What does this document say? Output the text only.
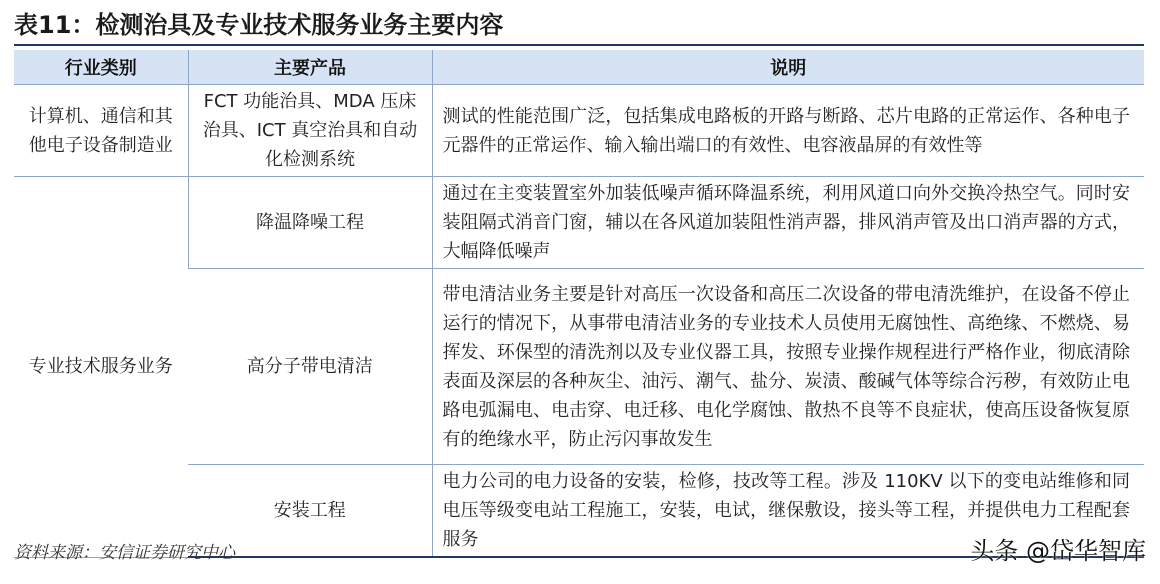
表11：检测治具及专业技术服务业务主要内容
行业类别	主要产品	说明
计算机、通信和其他电子设备制造业	FCT 功能治具、MDA 压床治具、ICT 真空治具和自动化检测系统	测试的性能范围广泛，包括集成电路板的开路与断路、芯片电路的正常运作、各种电子元器件的正常运作、输入输出端口的有效性、电容液晶屏的有效性等
专业技术服务业务	降温降噪工程	通过在主变装置室外加装低噪声循环降温系统，利用风道口向外交换冷热空气。同时安装阻隔式消音门窗，辅以在各风道加装阻性消声器，排风消声管及出口消声器的方式，大幅降低噪声
	高分子带电清洁	带电清洁业务主要是针对高压一次设备和高压二次设备的带电清洗维护，在设备不停止运行的情况下，从事带电清洁业务的专业技术人员使用无腐蚀性、高绝缘、不燃烧、易挥发、环保型的清洗剂以及专业仪器工具，按照专业操作规程进行严格作业，彻底清除表面及深层的各种灰尘、油污、潮气、盐分、炭渍、酸碱气体等综合污秽，有效防止电路电弧漏电、电击穿、电迁移、电化学腐蚀、散热不良等不良症状，使高压设备恢复原有的绝缘水平，防止污闪事故发生
	安装工程	电力公司的电力设备的安装，检修，技改等工程。涉及 110KV 以下的变电站维修和同电压等级变电站工程施工，安装，电试，继保敷设，接头等工程，并提供电力工程配套服务
资料来源：安信证券研究中心	头条 @岱华智库
